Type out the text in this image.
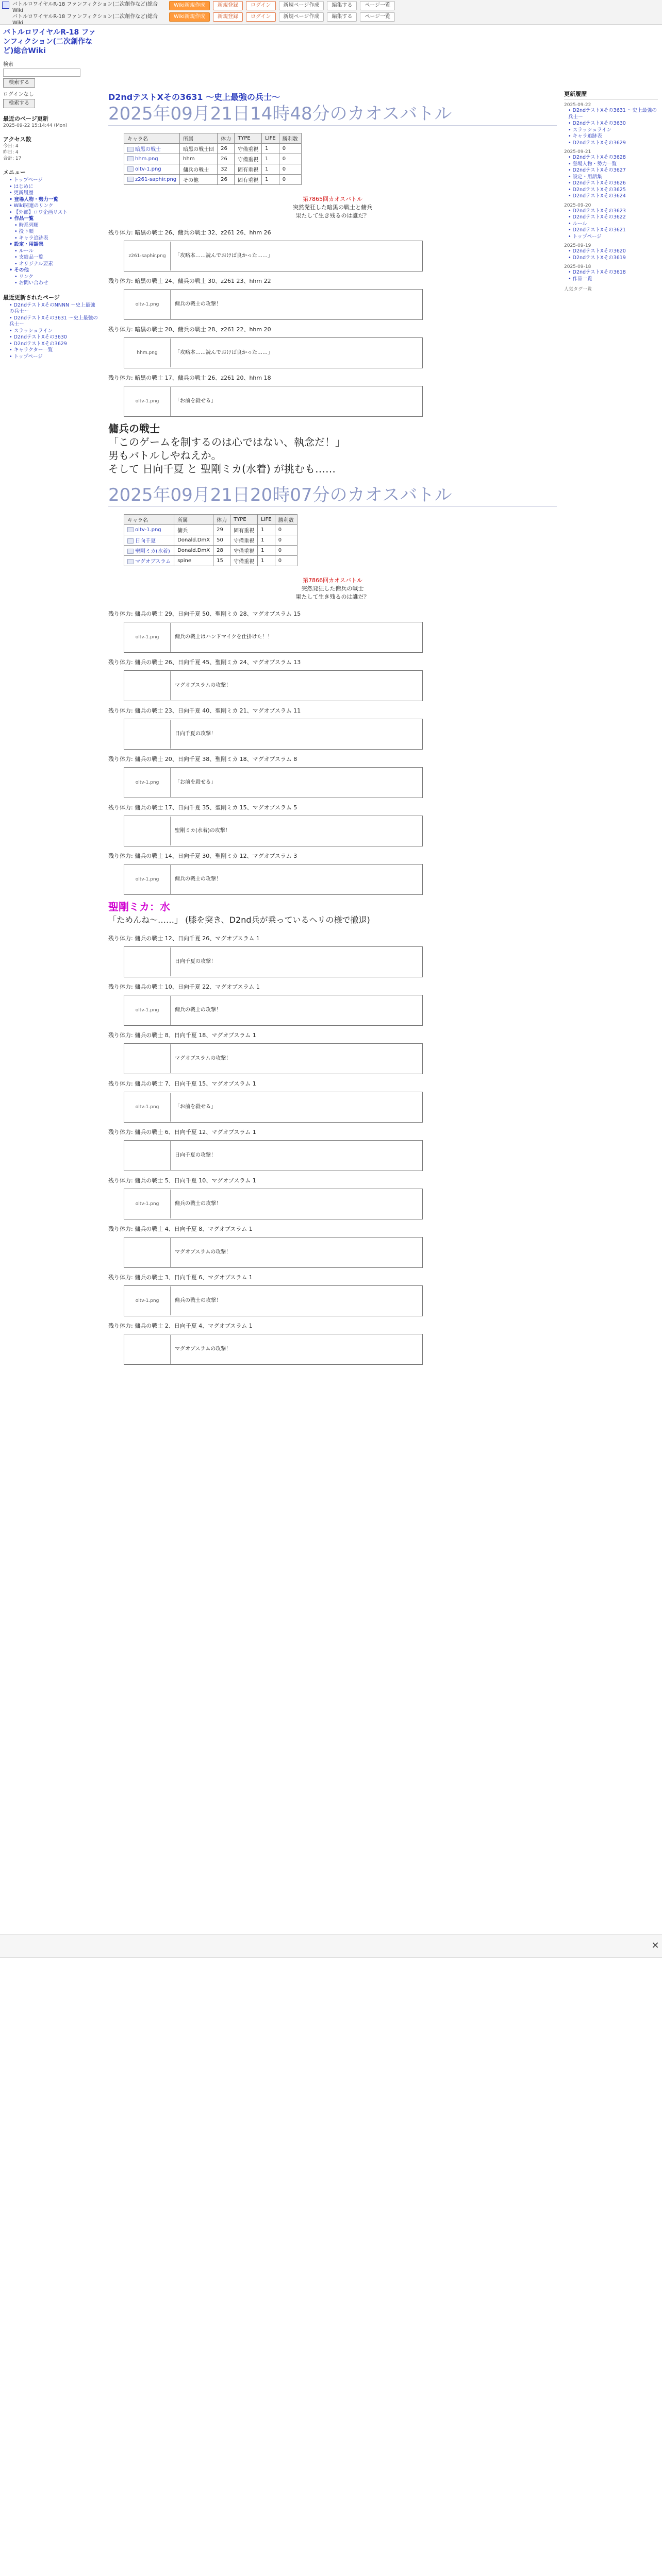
バトルロワイヤルR-18 ファンフィクション(二次創作など)総合Wiki
バトルロワイヤルR-18 ファンフィクション(二次創作など)総合Wiki
Wiki新規作成	新規登録	ログイン	新規ページ作成	編集する	ページ一覧
Wiki新規作成	新規登録	ログイン	新規ページ作成	編集する	ページ一覧
バトルロワイヤルR-18 ファンフィクション(二次創作など)総合Wiki
検索
検索する
ログインなし
検索する
最近のページ更新
2025-09-22 15:14:44 (Mon)
アクセス数
今日: 4
昨日: 4
合計: 17
メニュー
• トップページ
• はじめに
• 更新履歴
• 登場人物・勢力一覧
• Wiki関連のリンク
• 【外部】ロワ企画リスト
• 作品一覧
• 時系列順
• 投下順
• キャラ追跡表
• 設定・用語集
• ルール
• 支給品一覧
• オリジナル要素
• その他
• リンク
• お問い合わせ
最近更新されたページ
• D2ndテストXそのNNNN ～史上最強の兵士～
• D2ndテストXその3631 ～史上最強の兵士～
• スラッシュライン
• D2ndテストXその3630
• D2ndテストXその3629
• キャラクター一覧
• トップページ
更新履歴
2025-09-22
• D2ndテストXその3631 ～史上最強の兵士～
• D2ndテストXその3630
• スラッシュライン
• キャラ追跡表
• D2ndテストXその3629
2025-09-21
• D2ndテストXその3628
• 登場人物・勢力一覧
• D2ndテストXその3627
• 設定・用語集
• D2ndテストXその3626
• D2ndテストXその3625
• D2ndテストXその3624
2025-09-20
• D2ndテストXその3623
• D2ndテストXその3622
• ルール
• D2ndテストXその3621
• トップページ
2025-09-19
• D2ndテストXその3620
• D2ndテストXその3619
2025-09-18
• D2ndテストXその3618
• 作品一覧
人気タグ一覧
D2ndテストXその3631 ～史上最強の兵士～
2025年09月21日14時48分のカオスバトル
キャラ名	所属	体力	TYPE	LIFE	勝利数
暗黒の戦士	暗黒の戦士団	26	守備重視	1	0
hhm.png	hhm	26	守備重視	1	0
oltv-1.png	傭兵の戦士	32	固有重視	1	0
z261-saphir.png	その他	26	固有重視	1	0
第7865回カオスバトル
突然発狂した暗黒の戦士と傭兵
果たして生き残るのは誰だ？
残り体力: 暗黒の戦士 26、傭兵の戦士 32、z261 26、hhm 26
z261-saphir.png	「攻略本……読んでおけば良かった……」
残り体力: 暗黒の戦士 24、傭兵の戦士 30、z261 23、hhm 22
oltv-1.png	傭兵の戦士の攻撃！
残り体力: 暗黒の戦士 20、傭兵の戦士 28、z261 22、hhm 20
hhm.png	「攻略本……読んでおけば良かった……」
残り体力: 暗黒の戦士 17、傭兵の戦士 26、z261 20、hhm 18
oltv-1.png	「お前を殺せる」
傭兵の戦士
「このゲームを制するのは心ではない、執念だ！」
男もバトルしやねえか。
そして 日向千夏 と 聖剛ミカ(水着) が挑むも……
2025年09月21日20時07分のカオスバトル
キャラ名	所属	体力	TYPE	LIFE	勝利数
oltv-1.png	傭兵	29	固有重視	1	0
日向千夏	Donald.DmX	50	守備重視	1	0
聖剛ミカ(水着)	Donald.DmX	28	守備重視	1	0
マグオブスラム	spine	15	守備重視	1	0
第7866回カオスバトル
突然発狂した傭兵の戦士
果たして生き残るのは誰だ？
残り体力: 傭兵の戦士 29、日向千夏 50、聖剛ミカ 28、マグオブスラム 15
oltv-1.png	傭兵の戦士はハンドマイクを仕掛けた！！
残り体力: 傭兵の戦士 26、日向千夏 45、聖剛ミカ 24、マグオブスラム 13
マグオブスラムの攻撃！
残り体力: 傭兵の戦士 23、日向千夏 40、聖剛ミカ 21、マグオブスラム 11
日向千夏の攻撃！
残り体力: 傭兵の戦士 20、日向千夏 38、聖剛ミカ 18、マグオブスラム 8
oltv-1.png	「お前を殺せる」
残り体力: 傭兵の戦士 17、日向千夏 35、聖剛ミカ 15、マグオブスラム 5
聖剛ミカ(水着)の攻撃！
残り体力: 傭兵の戦士 14、日向千夏 30、聖剛ミカ 12、マグオブスラム 3
oltv-1.png	傭兵の戦士の攻撃！
聖剛ミカ：水
「ためんね～……」 (膝を突き、D2nd兵が乗っているヘリの様で撤退)
残り体力: 傭兵の戦士 12、日向千夏 26、マグオブスラム 1
日向千夏の攻撃！
残り体力: 傭兵の戦士 10、日向千夏 22、マグオブスラム 1
oltv-1.png	傭兵の戦士の攻撃！
残り体力: 傭兵の戦士 8、日向千夏 18、マグオブスラム 1
マグオブスラムの攻撃！
残り体力: 傭兵の戦士 7、日向千夏 15、マグオブスラム 1
oltv-1.png	「お前を殺せる」
残り体力: 傭兵の戦士 6、日向千夏 12、マグオブスラム 1
日向千夏の攻撃！
残り体力: 傭兵の戦士 5、日向千夏 10、マグオブスラム 1
oltv-1.png	傭兵の戦士の攻撃！
残り体力: 傭兵の戦士 4、日向千夏 8、マグオブスラム 1
マグオブスラムの攻撃！
残り体力: 傭兵の戦士 3、日向千夏 6、マグオブスラム 1
oltv-1.png	傭兵の戦士の攻撃！
残り体力: 傭兵の戦士 2、日向千夏 4、マグオブスラム 1
マグオブスラムの攻撃！
✕
